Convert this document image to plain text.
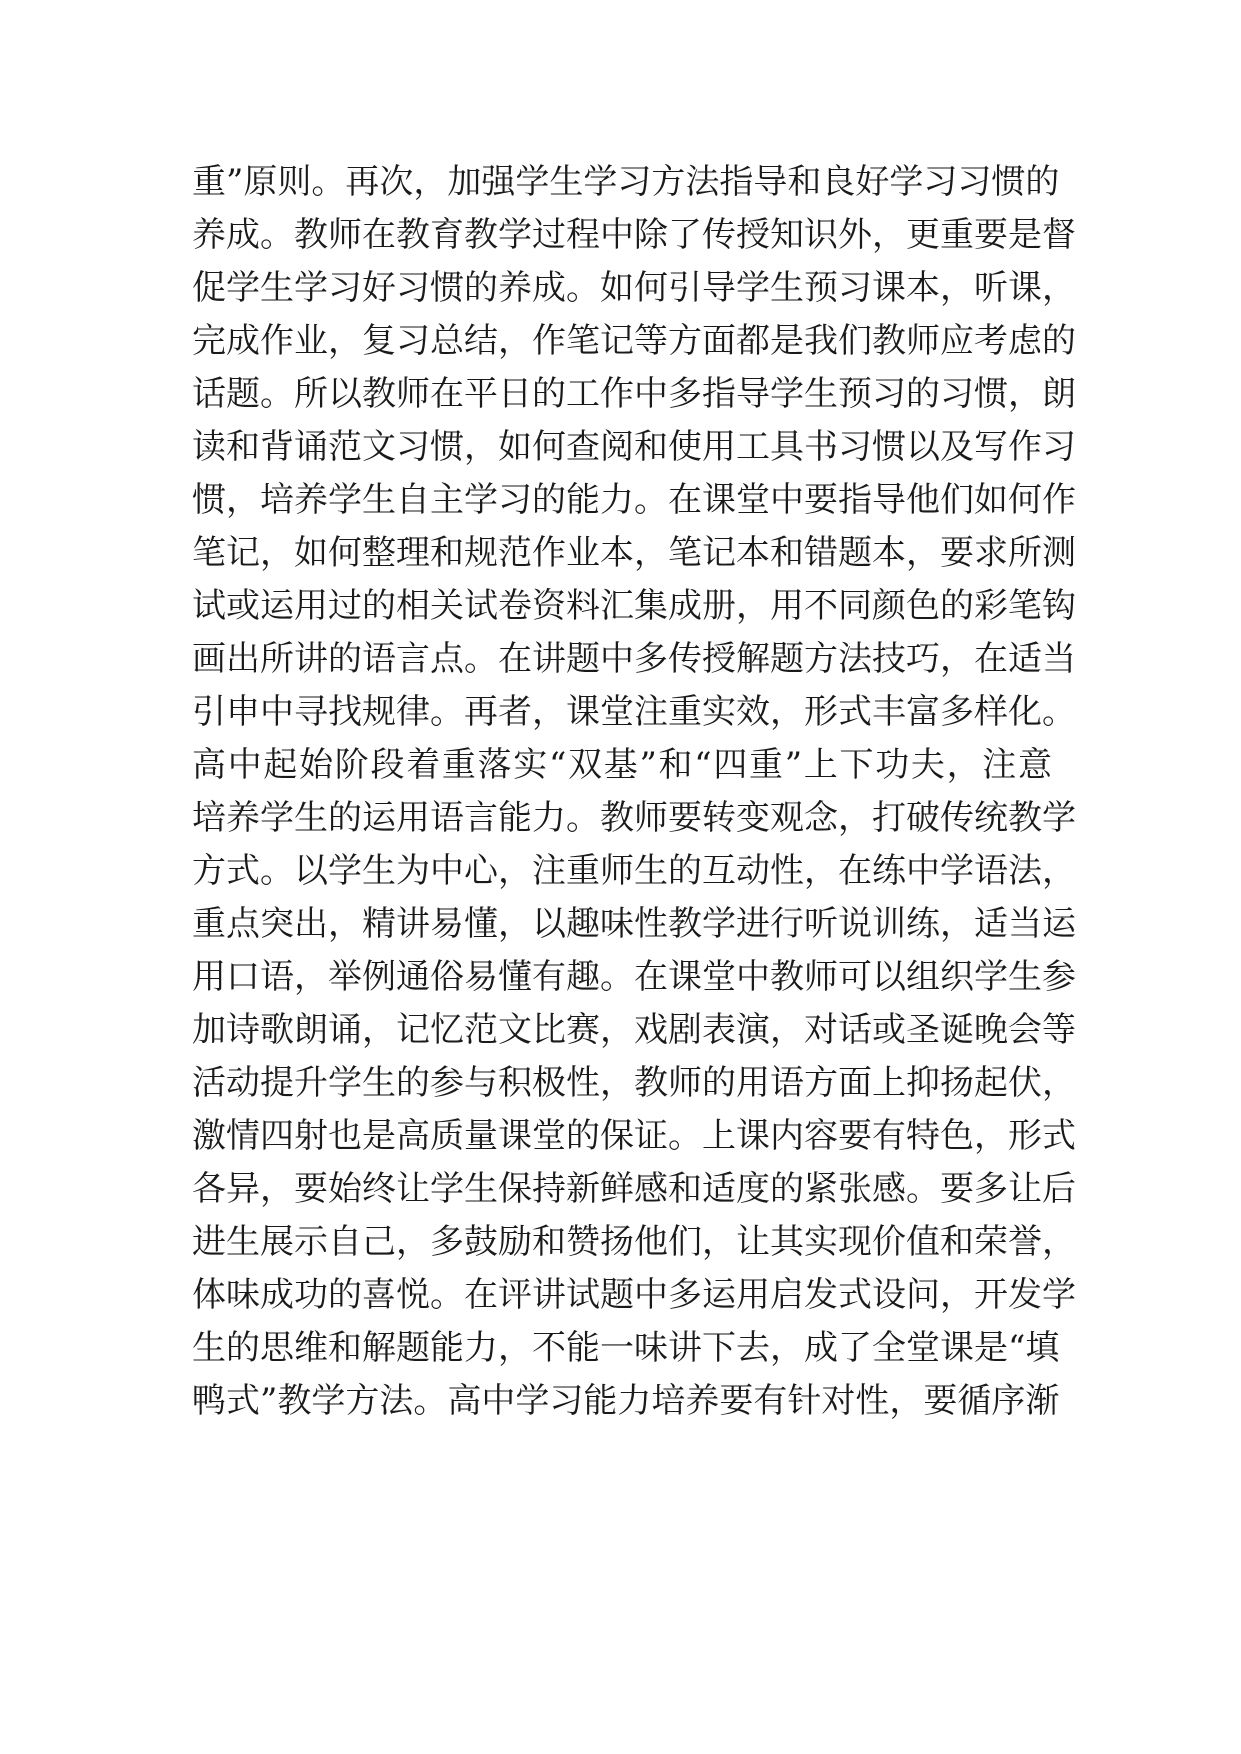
重”原则。再次，加强学生学习方法指导和良好学习习惯的
养成。教师在教育教学过程中除了传授知识外，更重要是督
促学生学习好习惯的养成。如何引导学生预习课本，听课，
完成作业，复习总结，作笔记等方面都是我们教师应考虑的
话题。所以教师在平日的工作中多指导学生预习的习惯，朗
读和背诵范文习惯，如何查阅和使用工具书习惯以及写作习
惯，培养学生自主学习的能力。在课堂中要指导他们如何作
笔记，如何整理和规范作业本，笔记本和错题本，要求所测
试或运用过的相关试卷资料汇集成册，用不同颜色的彩笔钩
画出所讲的语言点。在讲题中多传授解题方法技巧，在适当
引申中寻找规律。再者，课堂注重实效，形式丰富多样化。
高中起始阶段着重落实“双基”和“四重”上下功夫，注意
培养学生的运用语言能力。教师要转变观念，打破传统教学
方式。以学生为中心，注重师生的互动性，在练中学语法，
重点突出，精讲易懂，以趣味性教学进行听说训练，适当运
用口语，举例通俗易懂有趣。在课堂中教师可以组织学生参
加诗歌朗诵，记忆范文比赛，戏剧表演，对话或圣诞晚会等
活动提升学生的参与积极性，教师的用语方面上抑扬起伏，
激情四射也是高质量课堂的保证。上课内容要有特色，形式
各异，要始终让学生保持新鲜感和适度的紧张感。要多让后
进生展示自己，多鼓励和赞扬他们，让其实现价值和荣誉，
体味成功的喜悦。在评讲试题中多运用启发式设问，开发学
生的思维和解题能力，不能一味讲下去，成了全堂课是“填
鸭式”教学方法。高中学习能力培养要有针对性，要循序渐
